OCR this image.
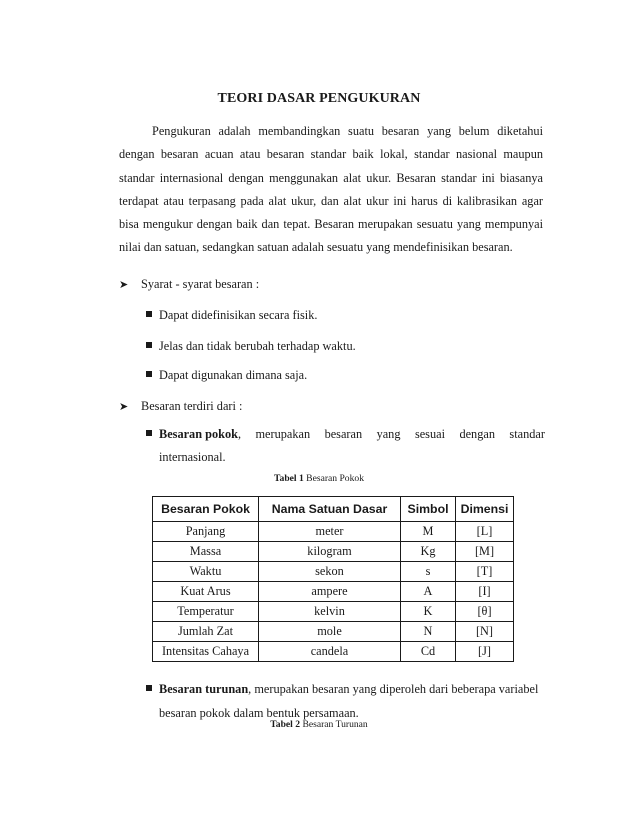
TEORI DASAR PENGUKURAN
Pengukuran adalah membandingkan suatu besaran yang belum diketahui dengan besaran acuan atau besaran standar baik lokal, standar nasional maupun standar internasional dengan menggunakan alat ukur. Besaran standar ini biasanya terdapat atau terpasang pada alat ukur, dan alat ukur ini harus di kalibrasikan agar bisa mengukur dengan baik dan tepat. Besaran merupakan sesuatu yang mempunyai nilai dan satuan, sedangkan satuan adalah sesuatu yang mendefinisikan besaran.
➤ Syarat - syarat besaran :
Dapat didefinisikan secara fisik.
Jelas dan tidak berubah terhadap waktu.
Dapat digunakan dimana saja.
➤ Besaran terdiri dari :
Besaran pokok, merupakan besaran yang sesuai dengan standar
internasional.
Tabel 1 Besaran Pokok
Besaran Pokok	Nama Satuan Dasar	Simbol	Dimensi
Panjang	meter	M	[L]
Massa	kilogram	Kg	[M]
Waktu	sekon	s	[T]
Kuat Arus	ampere	A	[I]
Temperatur	kelvin	K	[θ]
Jumlah Zat	mole	N	[N]
Intensitas Cahaya	candela	Cd	[J]
Besaran turunan, merupakan besaran yang diperoleh dari beberapa variabel
besaran pokok dalam bentuk persamaan.
Tabel 2 Besaran Turunan
